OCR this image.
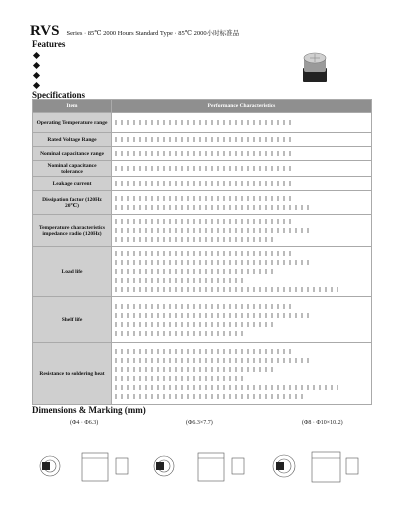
RVS Series · 85℃ 2000 Hours Standard Type · 85℃ 2000小时标准品
Features
Specifications
Item	Performance Characteristics
Operating Temperature range	

Rated Voltage Range	

Nominal capacitance range	

Nominal capacitance tolerance	

Leakage current	

Dissipation factor (120Hz 20℃)	

Temperature characteristics impedance radio (120Hz)	

Load life	

Shelf life	

Resistance to soldering heat	
Dimensions & Marking (mm)
(Φ4 · Φ6.3)	(Φ6.3×7.7)	(Φ8 · Φ10×10.2)
